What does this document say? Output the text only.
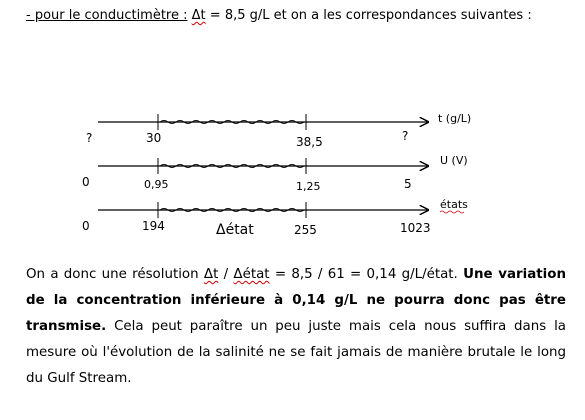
- pour le conductimètre : Δt = 8,5 g/L et on a les correspondances suivantes :
t (g/L)
?	30	38,5	?
U (V)
0	0,95	1,25	5
états
0	194	Δétat	255	1023
On a donc une résolution Δt / Δétat = 8,5 / 61 = 0,14 g/L/état. Une variation de la concentration inférieure à 0,14 g/L ne pourra donc pas être transmise. Cela peut paraître un peu juste mais cela nous suffira dans la mesure où l'évolution de la salinité ne se fait jamais de manière brutale le long du Gulf Stream.
